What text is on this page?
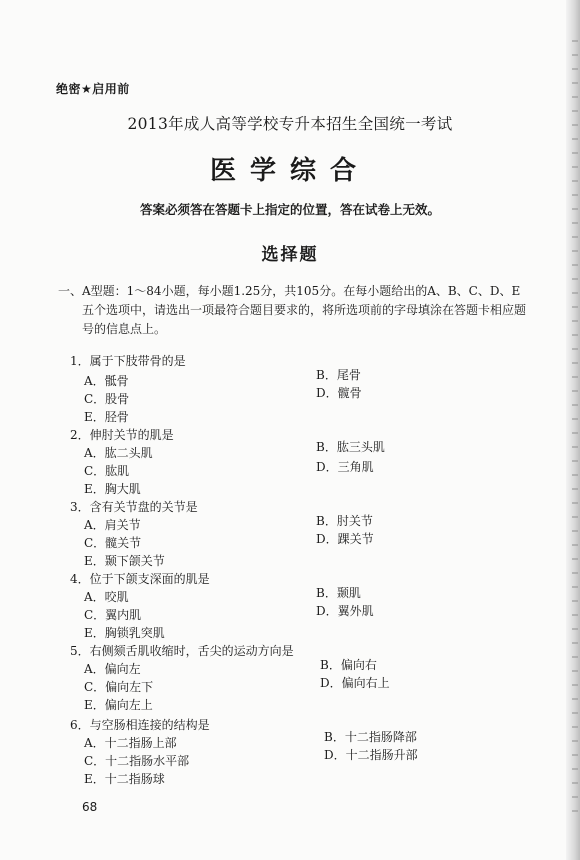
绝密★启用前
2013年成人高等学校专升本招生全国统一考试
医学综合
答案必须答在答题卡上指定的位置，答在试卷上无效。
选择题
一、A型题：1～84小题，每小题1.25分，共105分。在每小题给出的A、B、C、D、E
五个选项中，请选出一项最符合题目要求的，将所选项前的字母填涂在答题卡相应题
号的信息点上。
1．属于下肢带骨的是
A．骶骨	B．尾骨
C．股骨	D．髋骨
E．胫骨
2．伸肘关节的肌是
A．肱二头肌	B．肱三头肌
C．肱肌	D．三角肌
E．胸大肌
3．含有关节盘的关节是
A．肩关节	B．肘关节
C．髋关节	D．踝关节
E．颞下颌关节
4．位于下颌支深面的肌是
A．咬肌	B．颞肌
C．翼内肌	D．翼外肌
E．胸锁乳突肌
5．右侧颏舌肌收缩时，舌尖的运动方向是
A．偏向左	B．偏向右
C．偏向左下	D．偏向右上
E．偏向左上
6．与空肠相连接的结构是
A．十二指肠上部	B．十二指肠降部
C．十二指肠水平部	D．十二指肠升部
E．十二指肠球
68
